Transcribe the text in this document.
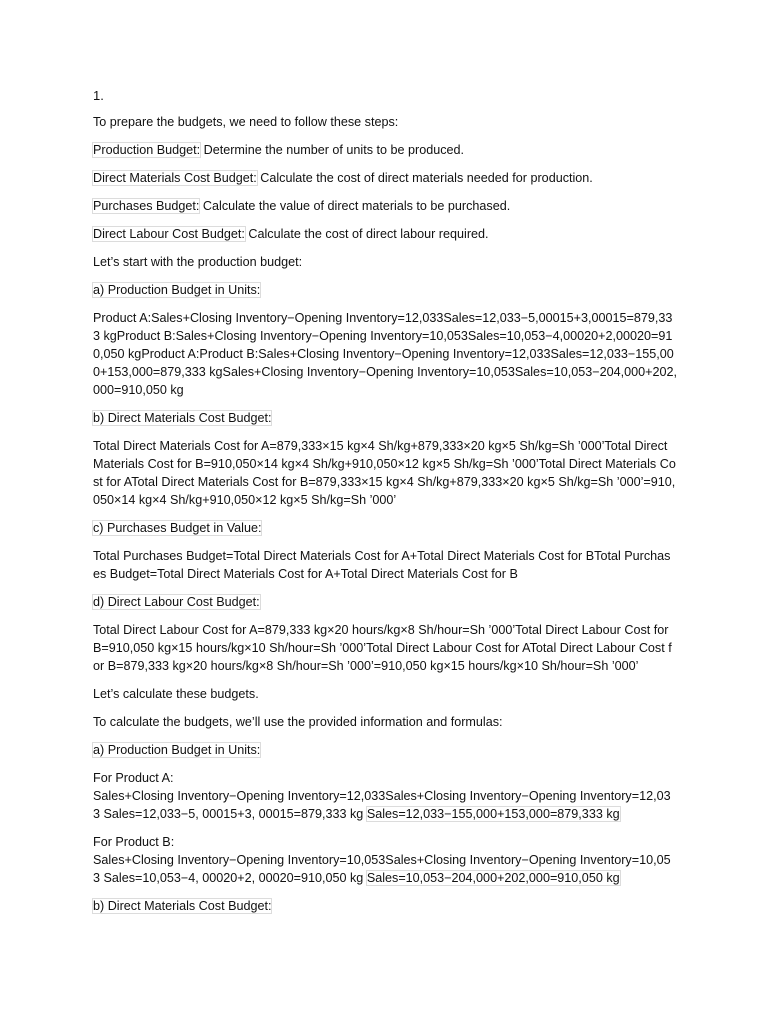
1.

To prepare the budgets, we need to follow these steps:

Production Budget: Determine the number of units to be produced.

Direct Materials Cost Budget: Calculate the cost of direct materials needed for production.

Purchases Budget: Calculate the value of direct materials to be purchased.

Direct Labour Cost Budget: Calculate the cost of direct labour required.

Let’s start with the production budget:

a) Production Budget in Units:

Product A:Sales+Closing Inventory−Opening Inventory=12,033Sales=12,033−5,00015+3,00015=879,333 kgProduct B:Sales+Closing Inventory−Opening Inventory=10,053Sales=10,053−4,00020+2,00020=910,050 kgProduct A:Product B:Sales+Closing Inventory−Opening Inventory=12,033Sales=12,033−155,000+153,000=879,333 kgSales+Closing Inventory−Opening Inventory=10,053Sales=10,053−204,000+202,000=910,050 kg

b) Direct Materials Cost Budget:

Total Direct Materials Cost for A=879,333×15 kg×4 Sh/kg+879,333×20 kg×5 Sh/kg=Sh ’000’Total Direct Materials Cost for B=910,050×14 kg×4 Sh/kg+910,050×12 kg×5 Sh/kg=Sh ’000’Total Direct Materials Cost for ATotal Direct Materials Cost for B=879,333×15 kg×4 Sh/kg+879,333×20 kg×5 Sh/kg=Sh ’000’=910,050×14 kg×4 Sh/kg+910,050×12 kg×5 Sh/kg=Sh ’000’

c) Purchases Budget in Value:

Total Purchases Budget=Total Direct Materials Cost for A+Total Direct Materials Cost for BTotal Purchases Budget=Total Direct Materials Cost for A+Total Direct Materials Cost for B

d) Direct Labour Cost Budget:

Total Direct Labour Cost for A=879,333 kg×20 hours/kg×8 Sh/hour=Sh ’000’Total Direct Labour Cost for B=910,050 kg×15 hours/kg×10 Sh/hour=Sh ’000’Total Direct Labour Cost for ATotal Direct Labour Cost for B=879,333 kg×20 hours/kg×8 Sh/hour=Sh ’000’=910,050 kg×15 hours/kg×10 Sh/hour=Sh ’000’

Let’s calculate these budgets.

To calculate the budgets, we’ll use the provided information and formulas:

a) Production Budget in Units:

For Product A:
Sales+Closing Inventory−Opening Inventory=12,033Sales+Closing Inventory−Opening Inventory=12,033 Sales=12,033−5, 00015+3, 00015=879,333 kg Sales=12,033−155,000+153,000=879,333 kg

For Product B:
Sales+Closing Inventory−Opening Inventory=10,053Sales+Closing Inventory−Opening Inventory=10,053 Sales=10,053−4, 00020+2, 00020=910,050 kg Sales=10,053−204,000+202,000=910,050 kg

b) Direct Materials Cost Budget:
